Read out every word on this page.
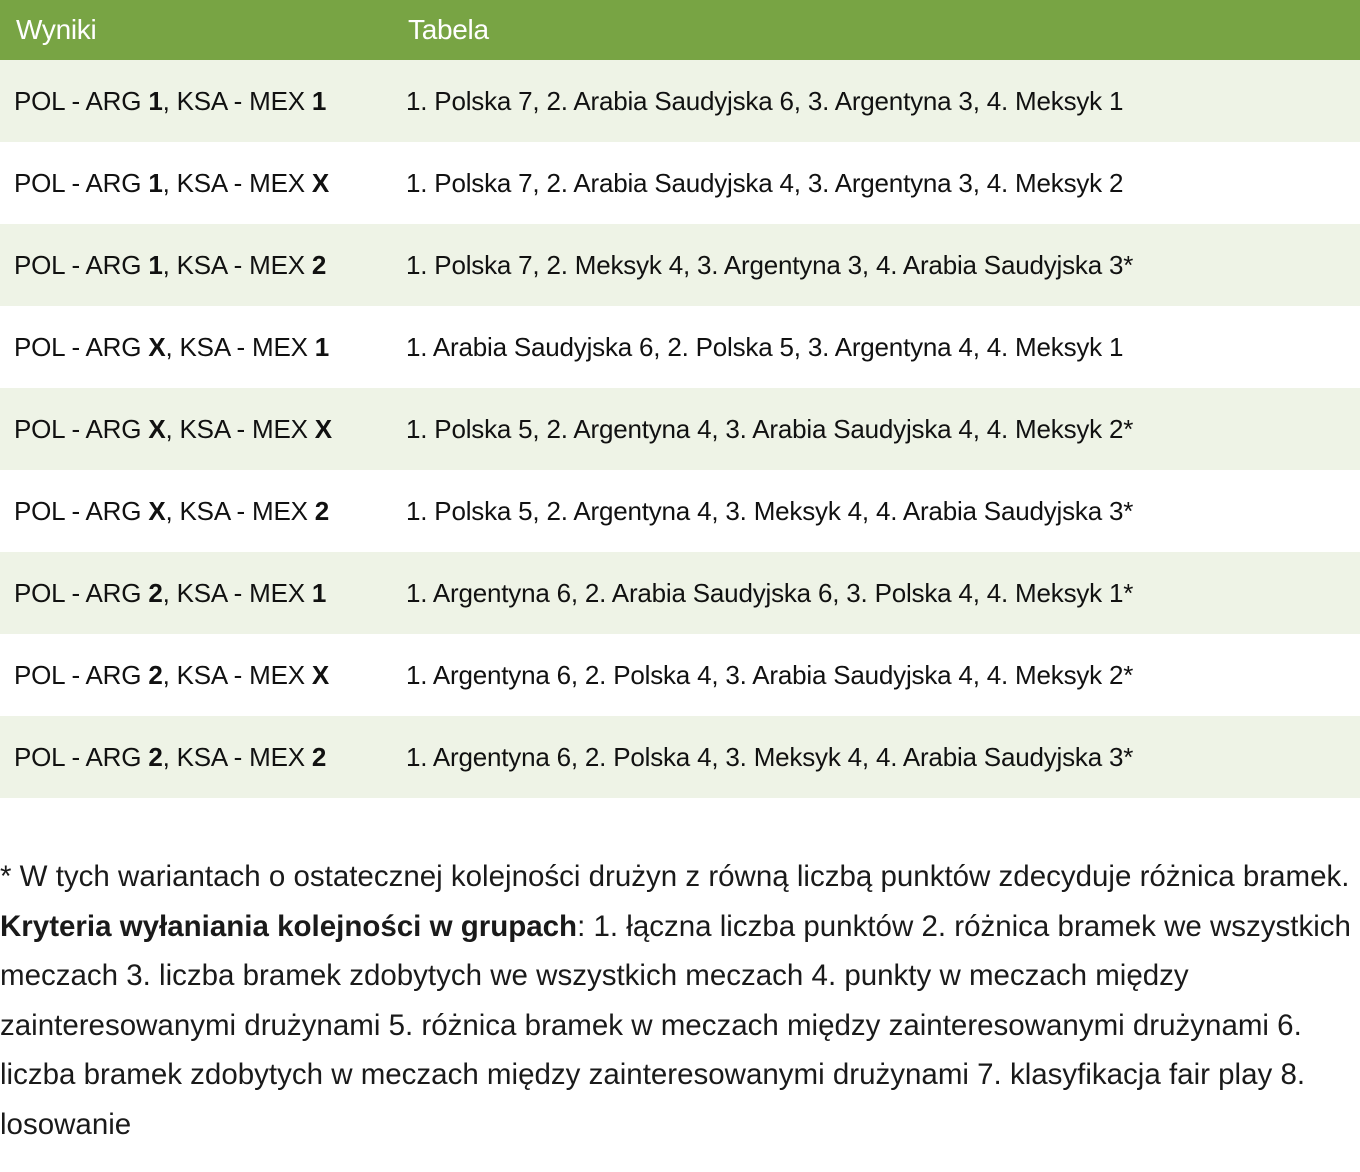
Wyniki	Tabela
POL - ARG 1, KSA - MEX 1	1. Polska 7, 2. Arabia Saudyjska 6, 3. Argentyna 3, 4. Meksyk 1
POL - ARG 1, KSA - MEX X	1. Polska 7, 2. Arabia Saudyjska 4, 3. Argentyna 3, 4. Meksyk 2
POL - ARG 1, KSA - MEX 2	1. Polska 7, 2. Meksyk 4, 3. Argentyna 3, 4. Arabia Saudyjska 3*
POL - ARG X, KSA - MEX 1	1. Arabia Saudyjska 6, 2. Polska 5, 3. Argentyna 4, 4. Meksyk 1
POL - ARG X, KSA - MEX X	1. Polska 5, 2. Argentyna 4, 3. Arabia Saudyjska 4, 4. Meksyk 2*
POL - ARG X, KSA - MEX 2	1. Polska 5, 2. Argentyna 4, 3. Meksyk 4, 4. Arabia Saudyjska 3*
POL - ARG 2, KSA - MEX 1	1. Argentyna 6, 2. Arabia Saudyjska 6, 3. Polska 4, 4. Meksyk 1*
POL - ARG 2, KSA - MEX X	1. Argentyna 6, 2. Polska 4, 3. Arabia Saudyjska 4, 4. Meksyk 2*
POL - ARG 2, KSA - MEX 2	1. Argentyna 6, 2. Polska 4, 3. Meksyk 4, 4. Arabia Saudyjska 3*

* W tych wariantach o ostatecznej kolejności drużyn z równą liczbą punktów zdecyduje różnica bramek. Kryteria wyłaniania kolejności w grupach: 1. łączna liczba punktów 2. różnica bramek we wszystkich meczach 3. liczba bramek zdobytych we wszystkich meczach 4. punkty w meczach między zainteresowanymi drużynami 5. różnica bramek w meczach między zainteresowanymi drużynami 6. liczba bramek zdobytych w meczach między zainteresowanymi drużynami 7. klasyfikacja fair play 8. losowanie
